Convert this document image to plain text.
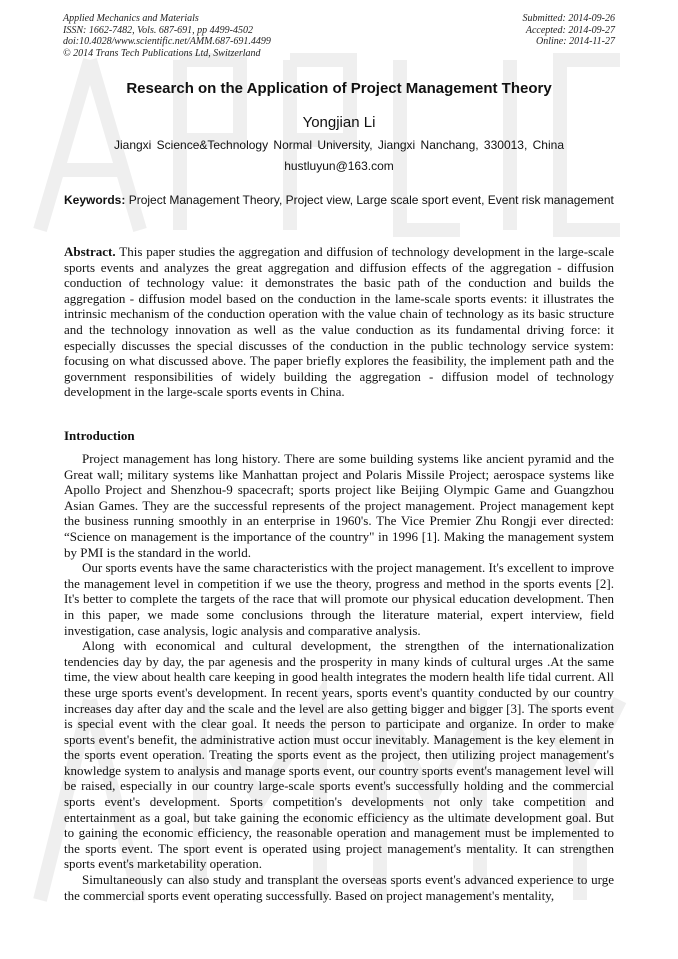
Applied Mechanics and Materials
ISSN: 1662-7482, Vols. 687-691, pp 4499-4502
doi:10.4028/www.scientific.net/AMM.687-691.4499
© 2014 Trans Tech Publications Ltd, Switzerland
Submitted: 2014-09-26
Accepted: 2014-09-27
Online: 2014-11-27
Research on the Application of Project Management Theory
Yongjian Li
Jiangxi Science&Technology Normal University, Jiangxi Nanchang, 330013, China
hustluyun@163.com
Keywords: Project Management Theory, Project view, Large scale sport event, Event risk management
Abstract. This paper studies the aggregation and diffusion of technology development in the large-scale sports events and analyzes the great aggregation and diffusion effects of the aggregation - diffusion conduction of technology value: it demonstrates the basic path of the conduction and builds the aggregation - diffusion model based on the conduction in the lame-scale sports events: it illustrates the intrinsic mechanism of the conduction operation with the value chain of technology as its basic structure and the technology innovation as well as the value conduction as its fundamental driving force: it especially discusses the special discusses of the conduction in the public technology service system: focusing on what discussed above. The paper briefly explores the feasibility, the implement path and the government responsibilities of widely building the aggregation - diffusion model of technology development in the large-scale sports events in China.
Introduction

Project management has long history. There are some building systems like ancient pyramid and the Great wall; military systems like Manhattan project and Polaris Missile Project; aerospace systems like Apollo Project and Shenzhou-9 spacecraft; sports project like Beijing Olympic Game and Guangzhou Asian Games. They are the successful represents of the project management. Project management kept the business running smoothly in an enterprise in 1960's. The Vice Premier Zhu Rongji ever directed: “Science on management is the importance of the country" in 1996 [1]. Making the management system by PMI is the standard in the world.

Our sports events have the same characteristics with the project management. It's excellent to improve the management level in competition if we use the theory, progress and method in the sports events [2]. It's better to complete the targets of the race that will promote our physical education development. Then in this paper, we made some conclusions through the literature material, expert interview, field investigation, case analysis, logic analysis and comparative analysis.

Along with economical and cultural development, the strengthen of the internationalization tendencies day by day, the par agenesis and the prosperity in many kinds of cultural urges .At the same time, the view about health care keeping in good health integrates the modern health life tidal current. All these urge sports event's development. In recent years, sports event's quantity conducted by our country increases day after day and the scale and the level are also getting bigger and bigger [3]. The sports event is special event with the clear goal. It needs the person to participate and organize. In order to make sports event's benefit, the administrative action must occur inevitably. Management is the key element in the sports event operation. Treating the sports event as the project, then utilizing project management's knowledge system to analysis and manage sports event, our country sports event's management level will be raised, especially in our country large-scale sports event's successfully holding and the commercial sports event's development. Sports competition's developments not only take competition and entertainment as a goal, but take gaining the economic efficiency as the ultimate development goal. But to gaining the economic efficiency, the reasonable operation and management must be implemented to the sports event. The sport event is operated using project management's mentality. It can strengthen sports event's marketability operation.

Simultaneously can also study and transplant the overseas sports event's advanced experience to urge the commercial sports event operating successfully. Based on project management's mentality,
